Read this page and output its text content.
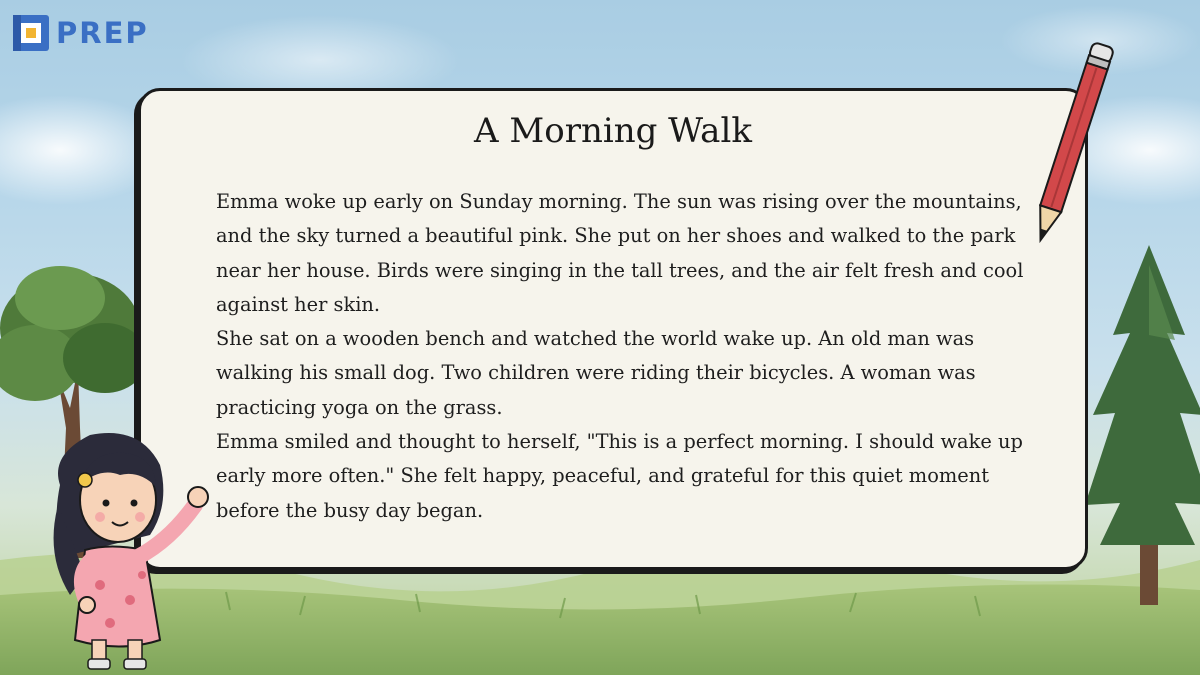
PREP
A Morning Walk

Emma woke up early on Sunday morning. The sun was rising over the mountains, and the sky turned a beautiful pink. She put on her shoes and walked to the park near her house. Birds were singing in the tall trees, and the air felt fresh and cool against her skin.

She sat on a wooden bench and watched the world wake up. An old man was walking his small dog. Two children were riding their bicycles. A woman was practicing yoga on the grass.

Emma smiled and thought to herself, "This is a perfect morning. I should wake up early more often." She felt happy, peaceful, and grateful for this quiet moment before the busy day began.
